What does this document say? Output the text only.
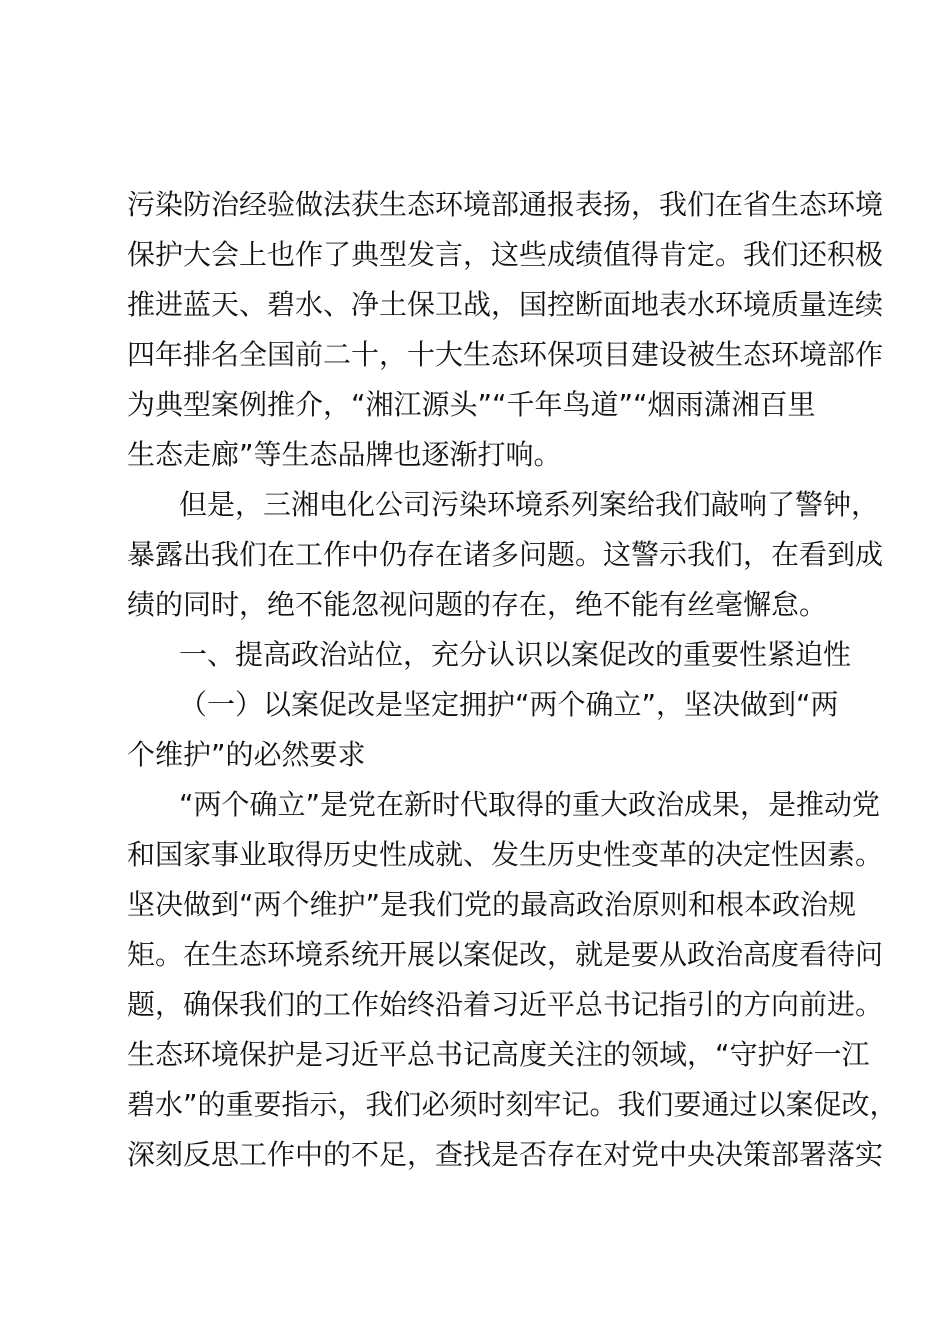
污染防治经验做法获生态环境部通报表扬，我们在省生态环境
保护大会上也作了典型发言，这些成绩值得肯定。我们还积极
推进蓝天、碧水、净土保卫战，国控断面地表水环境质量连续
四年排名全国前二十，十大生态环保项目建设被生态环境部作
为典型案例推介，“湘江源头”“千年鸟道”“烟雨潇湘百里
生态走廊”等生态品牌也逐渐打响。
但是，三湘电化公司污染环境系列案给我们敲响了警钟，
暴露出我们在工作中仍存在诸多问题。这警示我们，在看到成
绩的同时，绝不能忽视问题的存在，绝不能有丝毫懈怠。
一、提高政治站位，充分认识以案促改的重要性紧迫性
（一）以案促改是坚定拥护“两个确立”，坚决做到“两
个维护”的必然要求
“两个确立”是党在新时代取得的重大政治成果，是推动党
和国家事业取得历史性成就、发生历史性变革的决定性因素。
坚决做到“两个维护”是我们党的最高政治原则和根本政治规
矩。在生态环境系统开展以案促改，就是要从政治高度看待问
题，确保我们的工作始终沿着习近平总书记指引的方向前进。
生态环境保护是习近平总书记高度关注的领域，“守护好一江
碧水”的重要指示，我们必须时刻牢记。我们要通过以案促改，
深刻反思工作中的不足，查找是否存在对党中央决策部署落实
